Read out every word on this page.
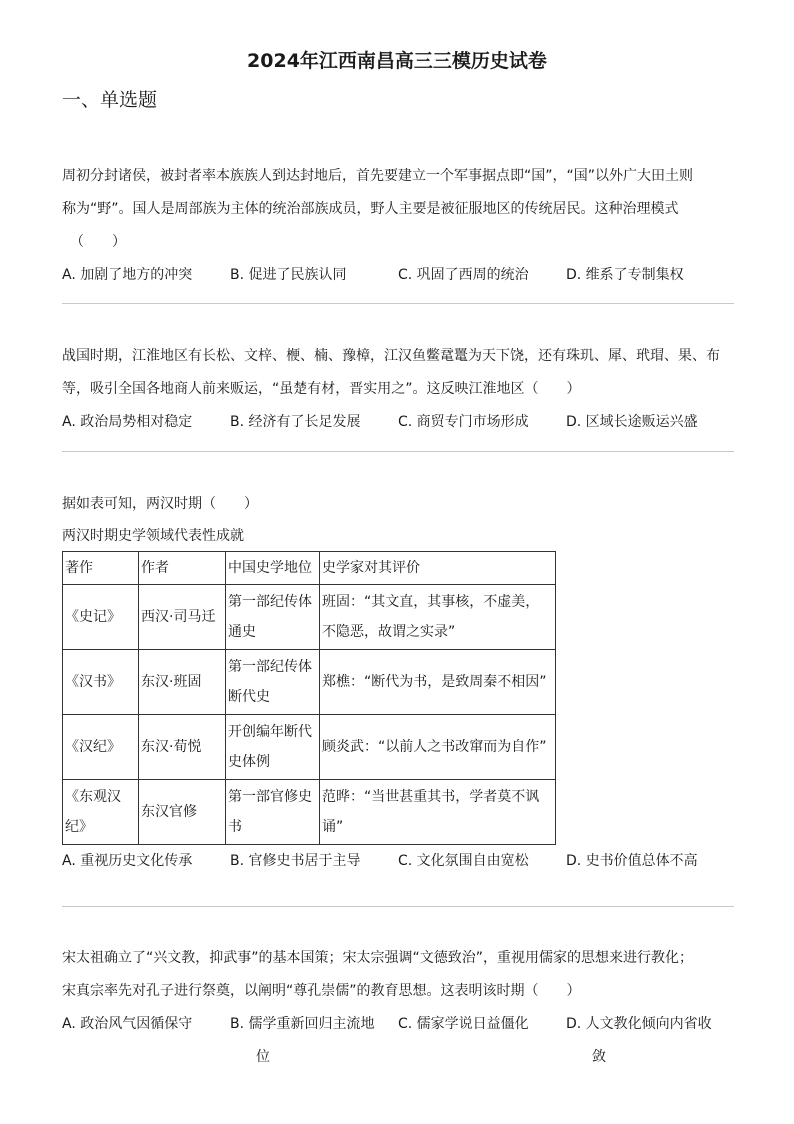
2024年江西南昌高三三模历史试卷
一、单选题

周初分封诸侯，被封者率本族族人到达封地后，首先要建立一个军事据点即“国”，“国”以外广大田土则

称为“野”。国人是周部族为主体的统治部族成员，野人主要是被征服地区的传统居民。这种治理模式

（　　）

A. 加剧了地方的冲突	B. 促进了民族认同	C. 巩固了西周的统治	D. 维系了专制集权

战国时期，江淮地区有长松、文梓、楩、楠、豫樟，江汉鱼鳖鼋鼍为天下饶，还有珠玑、犀、玳瑁、果、布

等，吸引全国各地商人前来贩运，“虽楚有材，晋实用之”。这反映江淮地区（　　）

A. 政治局势相对稳定	B. 经济有了长足发展	C. 商贸专门市场形成	D. 区域长途贩运兴盛

据如表可知，两汉时期（　　）

两汉时期史学领域代表性成就

著作	作者	中国史学地位	史学家对其评价
《史记》	西汉·司马迁	第一部纪传体通史	班固：“其文直，其事核，不虚美，不隐恶，故谓之实录”
《汉书》	东汉·班固	第一部纪传体断代史	郑樵：“断代为书，是致周秦不相因”
《汉纪》	东汉·荀悦	开创编年断代史体例	顾炎武：“以前人之书改窜而为自作”
《东观汉纪》	东汉官修	第一部官修史书	范晔：“当世甚重其书，学者莫不讽诵”
A. 重视历史文化传承	B. 官修史书居于主导	C. 文化氛围自由宽松	D. 史书价值总体不高

宋太祖确立了“兴文教，抑武事”的基本国策；宋太宗强调“文德致治”，重视用儒家的思想来进行教化；

宋真宗率先对孔子进行祭奠，以阐明“尊孔崇儒”的教育思想。这表明该时期（　　）

A. 政治风气因循保守	B. 儒学重新回归主流地
位
C. 儒家学说日益僵化	D. 人文教化倾向内省收
敛
